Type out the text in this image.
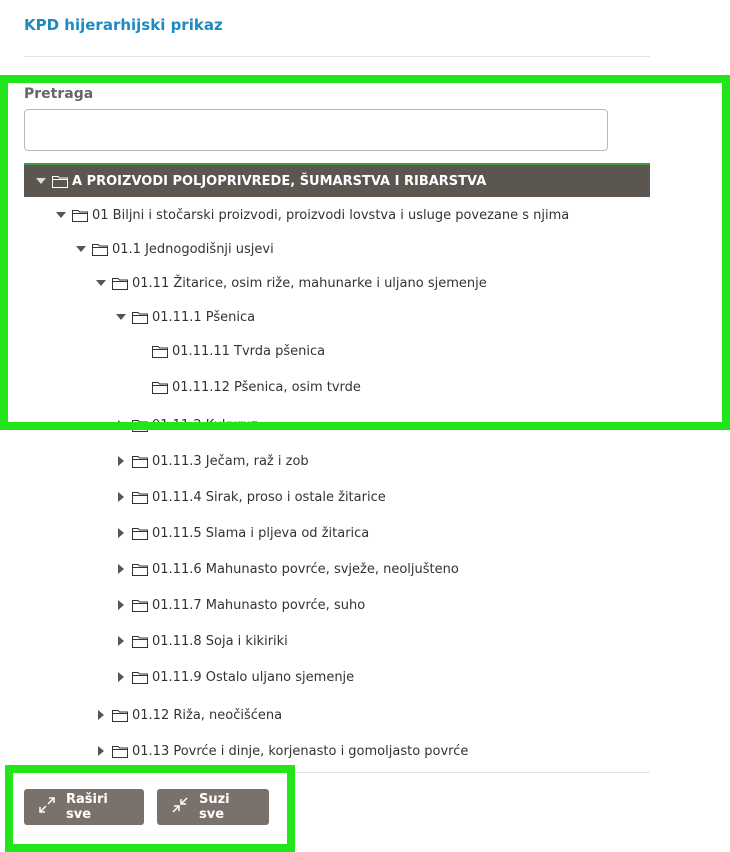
KPD hijerarhijski prikaz
Pretraga
A PROIZVODI POLJOPRIVREDE, ŠUMARSTVA I RIBARSTVA
01 Biljni i stočarski proizvodi, proizvodi lovstva i usluge povezane s njima
01.1 Jednogodišnji usjevi
01.11 Žitarice, osim riže, mahunarke i uljano sjemenje
01.11.1 Pšenica
01.11.11 Tvrda pšenica
01.11.12 Pšenica, osim tvrde
01.11.2 Kukuruz
01.11.3 Ječam, raž i zob
01.11.4 Sirak, proso i ostale žitarice
01.11.5 Slama i pljeva od žitarica
01.11.6 Mahunasto povrće, svježe, neoljušteno
01.11.7 Mahunasto povrće, suho
01.11.8 Soja i kikiriki
01.11.9 Ostalo uljano sjemenje
01.12 Riža, neočišćena
01.13 Povrće i dinje, korjenasto i gomoljasto povrće
Raširi sve
Suzi sve
